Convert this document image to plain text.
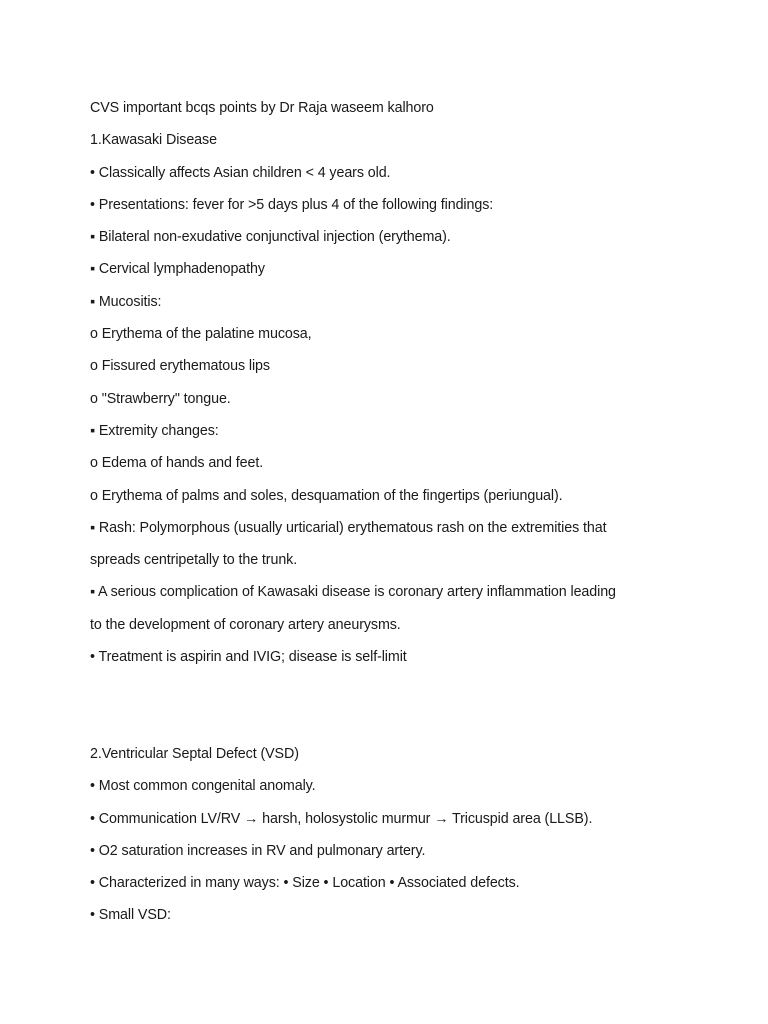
CVS important bcqs points by Dr Raja waseem kalhoro
1.Kawasaki Disease
• Classically affects Asian children < 4 years old.
• Presentations: fever for >5 days plus 4 of the following findings:
▪ Bilateral non-exudative conjunctival injection (erythema).
▪ Cervical lymphadenopathy
▪ Mucositis:
o Erythema of the palatine mucosa,
o Fissured erythematous lips
o "Strawberry" tongue.
▪ Extremity changes:
o Edema of hands and feet.
o Erythema of palms and soles, desquamation of the fingertips (periungual).
▪ Rash: Polymorphous (usually urticarial) erythematous rash on the extremities that
spreads centripetally to the trunk.
▪ A serious complication of Kawasaki disease is coronary artery inflammation leading
to the development of coronary artery aneurysms.
• Treatment is aspirin and IVIG; disease is self-limit
2.Ventricular Septal Defect (VSD)
• Most common congenital anomaly.
• Communication LV/RV → harsh, holosystolic murmur → Tricuspid area (LLSB).
• O2 saturation increases in RV and pulmonary artery.
• Characterized in many ways: • Size • Location • Associated defects.
• Small VSD:
